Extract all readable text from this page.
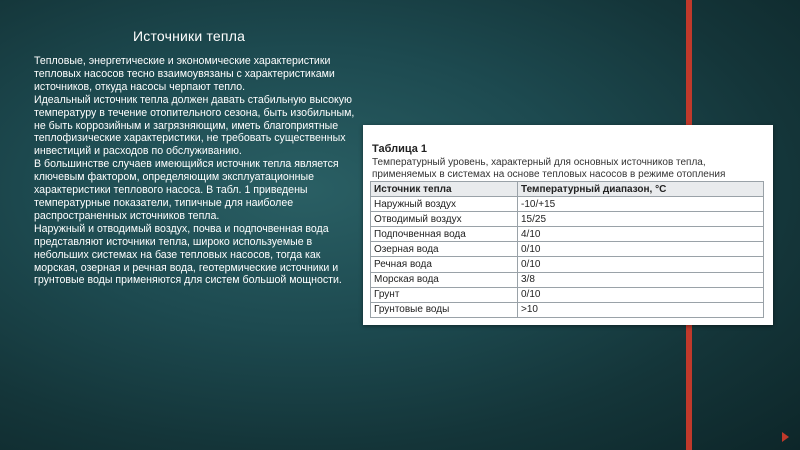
Источники тепла

Тепловые, энергетические и экономические характеристики тепловых насосов тесно взаимоувязаны с характеристиками источников, откуда насосы черпают тепло.

Идеальный источник тепла должен давать стабильную высокую температуру в течение отопительного сезона, быть изобильным, не быть коррозийным и загрязняющим, иметь благоприятные теплофизические характеристики, не требовать существенных инвестиций и расходов по обслуживанию.

В большинстве случаев имеющийся источник тепла является ключевым фактором, определяющим эксплуатационные характеристики теплового насоса. В табл. 1 приведены температурные показатели, типичные для наиболее распространенных источников тепла.

Наружный и отводимый воздух, почва и подпочвенная вода представляют источники тепла, широко используемые в небольших системах на базе тепловых насосов, тогда как морская, озерная и речная вода, геотермические источники и грунтовые воды применяются для систем большой мощности.

Таблица 1
Температурный уровень, характерный для основных источников тепла, применяемых в системах на основе тепловых насосов в режиме отопления
Источник тепла	Температурный диапазон, °С
Наружный воздух	-10/+15
Отводимый воздух	15/25
Подпочвенная вода	4/10
Озерная вода	0/10
Речная вода	0/10
Морская вода	3/8
Грунт	0/10
Грунтовые воды	>10
